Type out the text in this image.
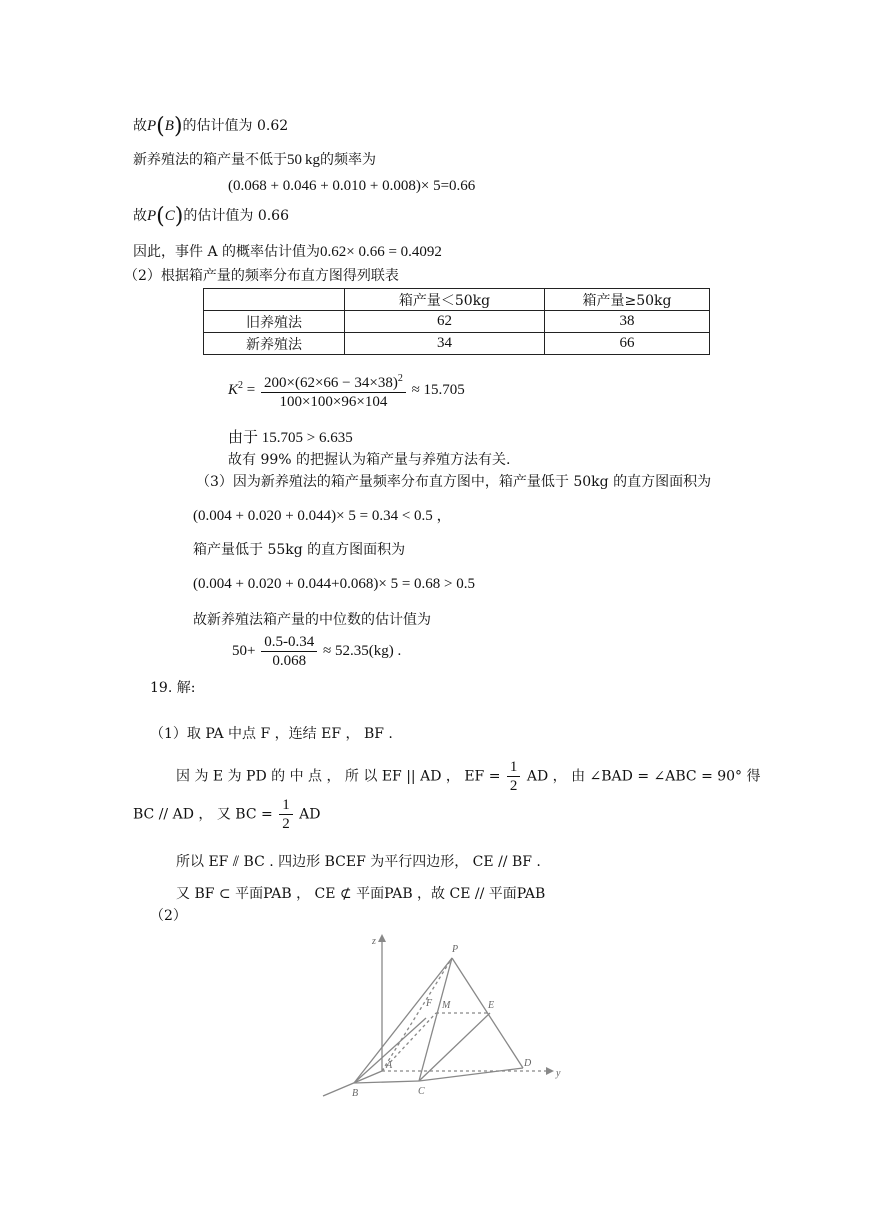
故P(B)的估计值为 0.62
新养殖法的箱产量不低于50  kg的频率为
(0.068 + 0.046 + 0.010 + 0.008)× 5=0.66
故P(C)的估计值为 0.66
因此，事件 A 的概率估计值为0.62× 0.66 = 0.4092
（2）根据箱产量的频率分布直方图得列联表
	箱产量＜50kg	箱产量≥50kg
旧养殖法	62	38
新养殖法	34	66
$K^2 = \frac{200\times(62\times 66 - 34\times 38)^2}{100\times 100\times 96\times 104} \approx 15.705$
由于 15.705 > 6.635
故有 99% 的把握认为箱产量与养殖方法有关.
（3）因为新养殖法的箱产量频率分布直方图中，箱产量低于 50kg 的直方图面积为
(0.004 + 0.020 + 0.044)× 5 = 0.34 < 0.5 ，
箱产量低于 55kg 的直方图面积为
(0.004 + 0.020 + 0.044+0.068)× 5 = 0.68 > 0.5
故新养殖法箱产量的中位数的估计值为
$50+ \frac{0.5-0.34}{0.068} \approx 52.35(kg)$ .
19. 解:
（1）取 PA 中点 F ，连结 EF ， BF .
因 为 E 为 PD 的 中 点 ， 所 以 EF || AD ， EF = $\frac{1}{2}$ AD ， 由 ∠BAD = ∠ABC = 90° 得
BC // AD ， 又 BC = $\frac{1}{2}$ AD
所以 EF ⫽ BC . 四边形 BCEF 为平行四边形， CE // BF .
又 BF ⊂ 平面PAB ， CE ⊄ 平面PAB ，故 CE // 平面PAB
（2）
z
P
F M	E
A	D
y
B	C
